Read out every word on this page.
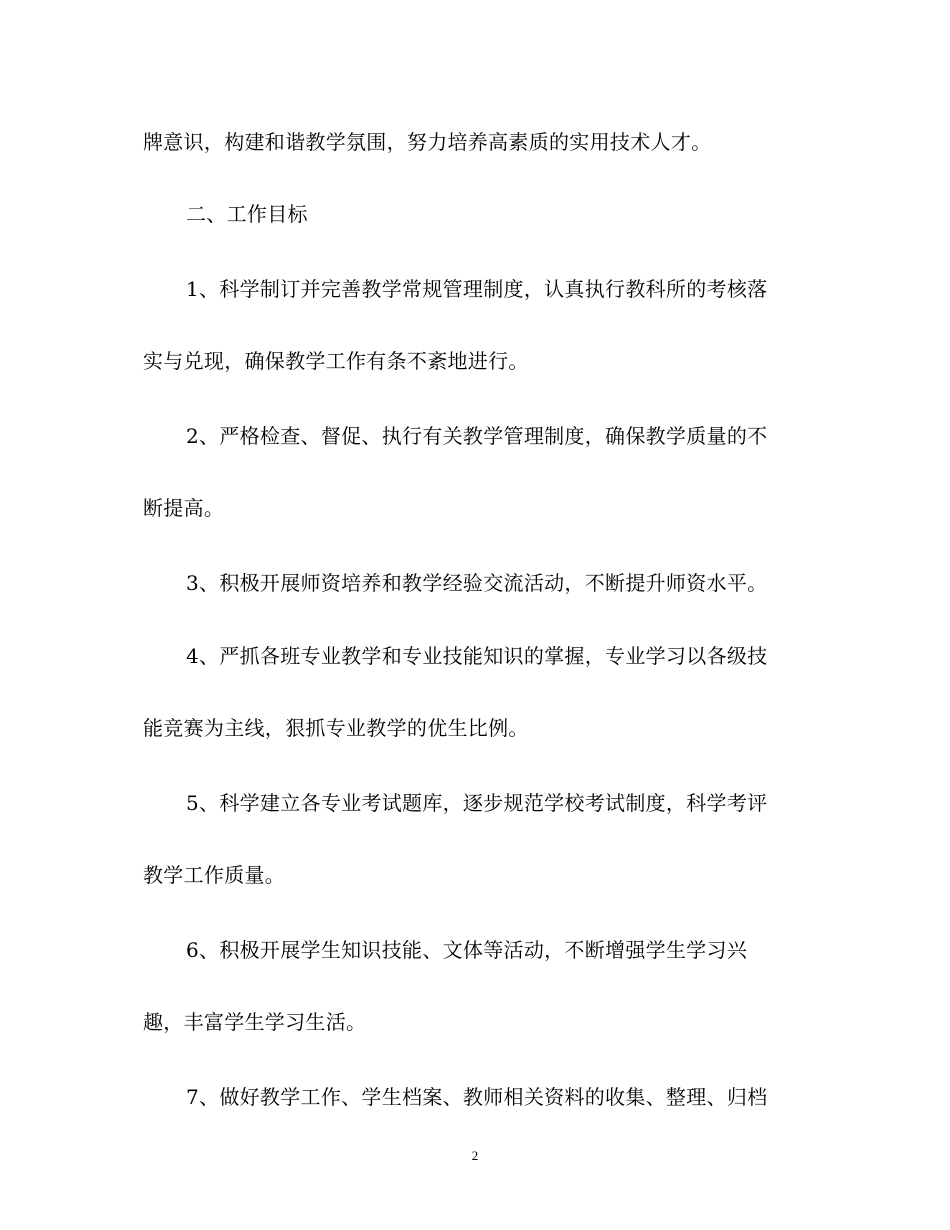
牌意识，构建和谐教学氛围，努力培养高素质的实用技术人才。
二、工作目标
1、科学制订并完善教学常规管理制度，认真执行教科所的考核落
实与兑现，确保教学工作有条不紊地进行。
2、严格检查、督促、执行有关教学管理制度，确保教学质量的不
断提高。
3、积极开展师资培养和教学经验交流活动，不断提升师资水平。
4、严抓各班专业教学和专业技能知识的掌握，专业学习以各级技
能竞赛为主线，狠抓专业教学的优生比例。
5、科学建立各专业考试题库，逐步规范学校考试制度，科学考评
教学工作质量。
6、积极开展学生知识技能、文体等活动，不断增强学生学习兴
趣，丰富学生学习生活。
7、做好教学工作、学生档案、教师相关资料的收集、整理、归档
2
